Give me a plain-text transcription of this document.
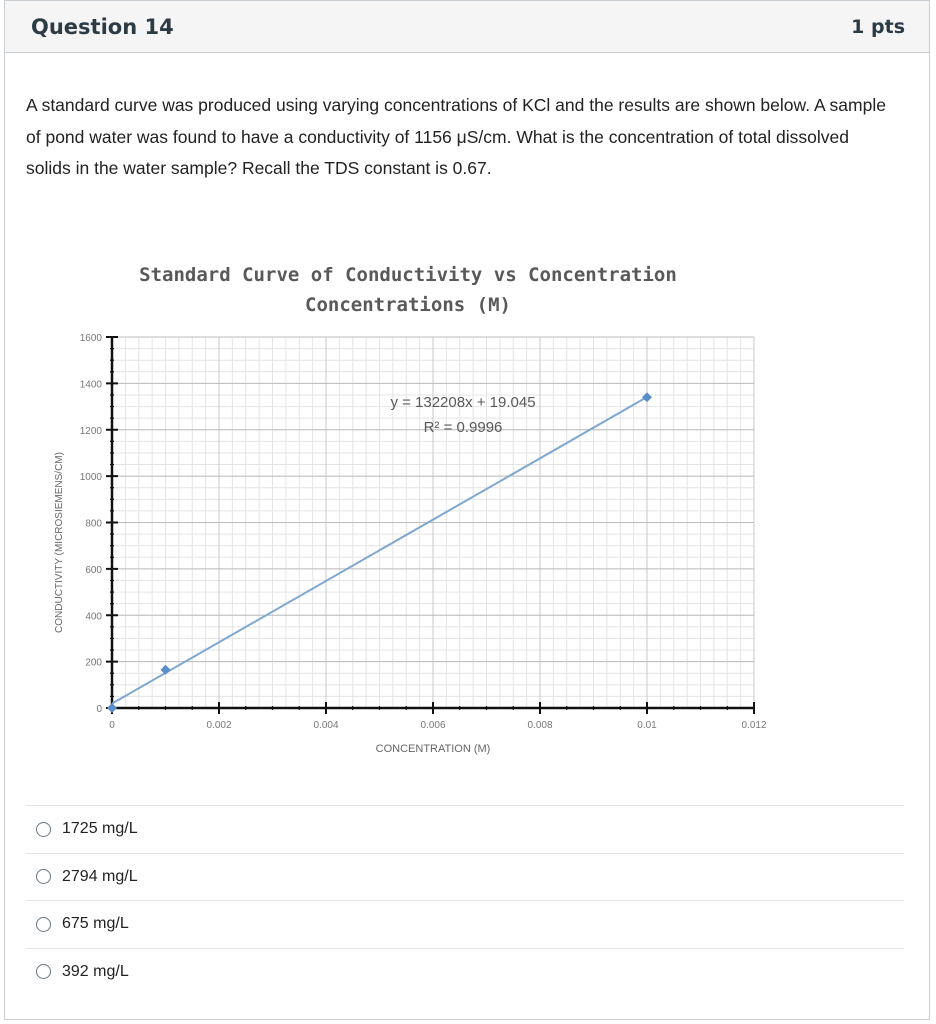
Question 14	1 pts
A standard curve was produced using varying concentrations of KCl and the results are shown below. A sample of pond water was found to have a conductivity of 1156 μS/cm. What is the concentration of total dissolved solids in the water sample? Recall the TDS constant is 0.67.
0
200
400
600
800
1000
1200
1400
1600
0	0.002	0.004	0.006	0.008	0.01	0.012
Standard Curve of Conductivity vs Concentration
Concentrations (M)
y = 132208x + 19.045
R² = 0.9996
CONCENTRATION (M)
CONDUCTIVITY (MICROSIEMENS/CM)
1725 mg/L
2794 mg/L
675 mg/L
392 mg/L
